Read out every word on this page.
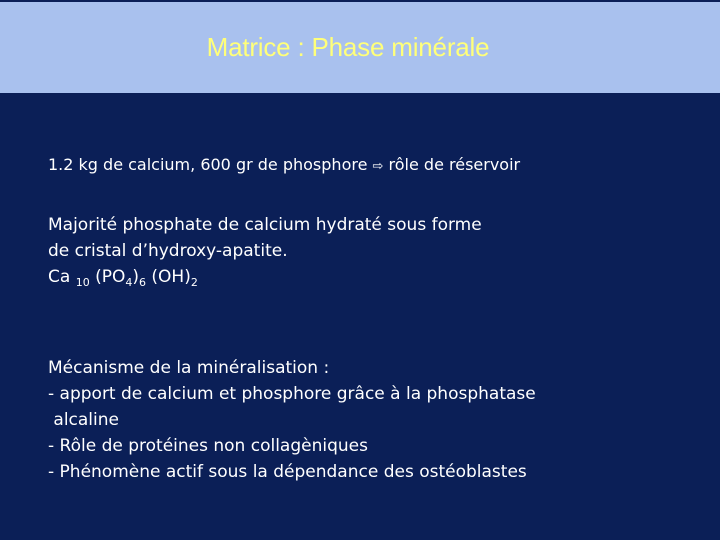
Matrice : Phase minérale
1.2 kg de calcium, 600 gr de phosphore ⇨ rôle de réservoir
Majorité phosphate de calcium hydraté sous forme
de cristal d’hydroxy-apatite.
Ca $_{10}$ $(PO_4)_6$ $(OH)_2$
Mécanisme de la minéralisation :
- apport de calcium et phosphore grâce à la phosphatase
alcaline
- Rôle de protéines non collagèniques
- Phénomène actif sous la dépendance des ostéoblastes
